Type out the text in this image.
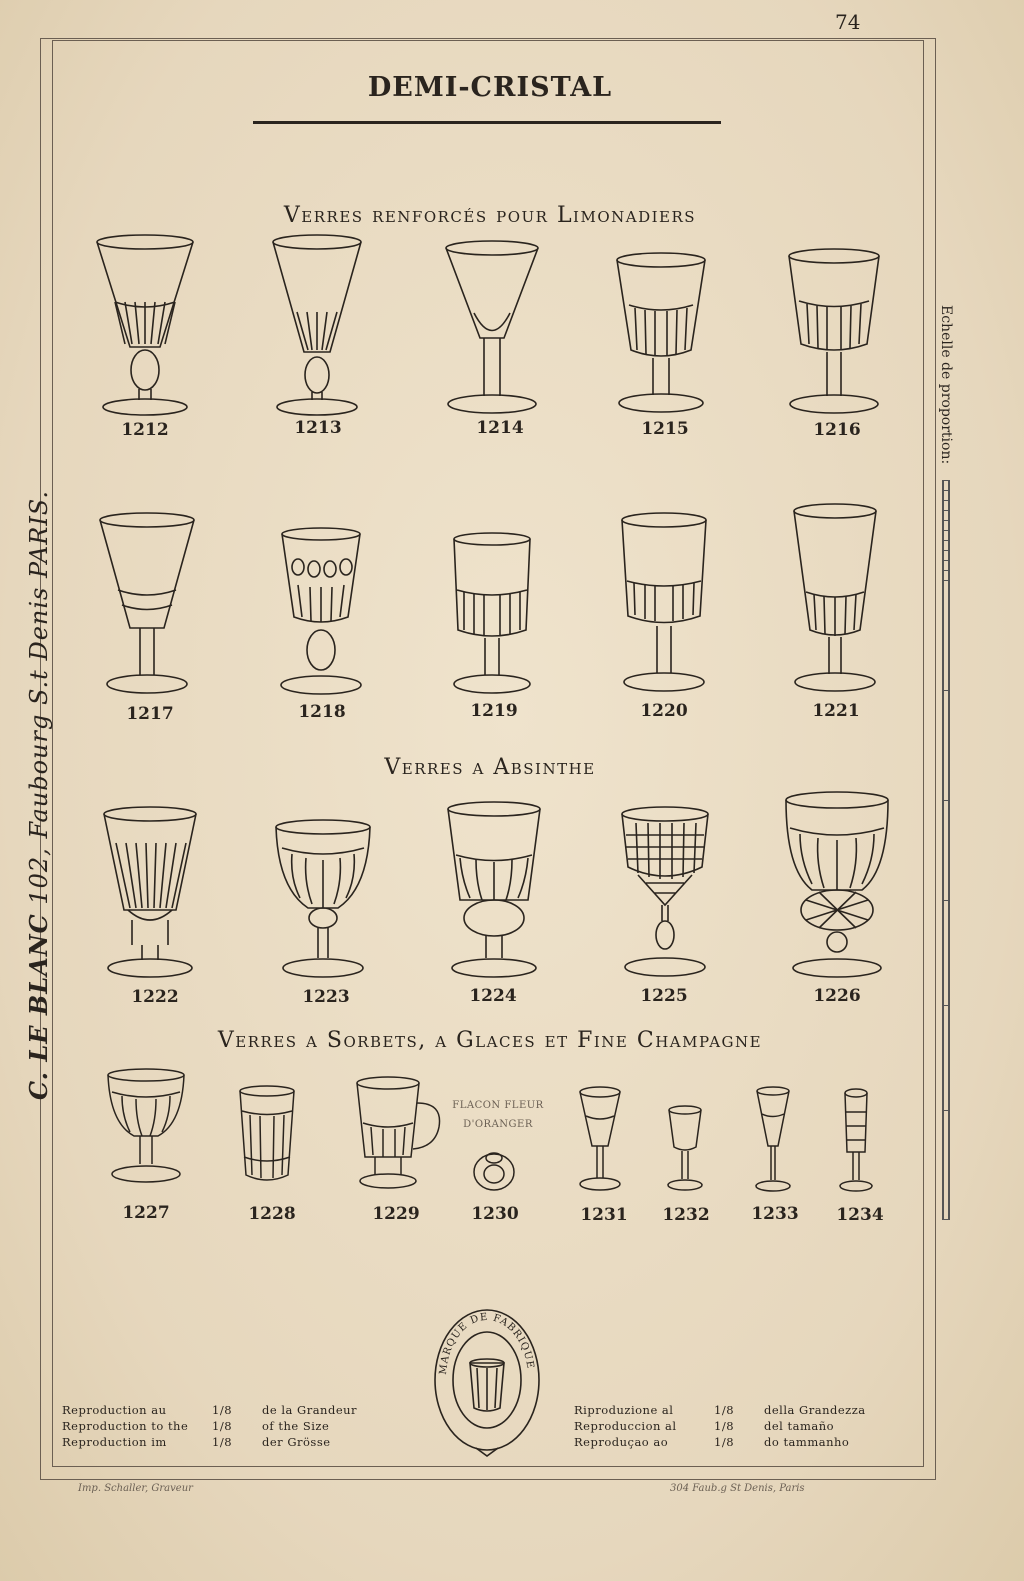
74
DEMI-CRISTAL
Verres renforcés pour Limonadiers
Verres a Absinthe
Verres a Sorbets, a Glaces et Fine Champagne
FLACON FLEUR
D'ORANGER
1212	1213	1214	1215	1216
1217	1218	1219	1220	1221
1222	1223	1224	1225	1226
1227	1228	1229	1230	1231	1232	1233	1234
C. LE BLANC 102, Faubourg S.t Denis PARIS.
Echelle de proportion:
Reproduction au	1/8	de la Grandeur
Reproduction to the 1/8	of the Size
Reproduction im	1/8	der Grösse
Riproduzione al	1/8	della Grandezza
Reproduccion al	1/8	del tamaño
Reproduçao ao	1/8	do tammanho
MARQUE DE FABRIQUE
Imp. Schaller, Graveur	304 Faub.g St Denis, Paris
